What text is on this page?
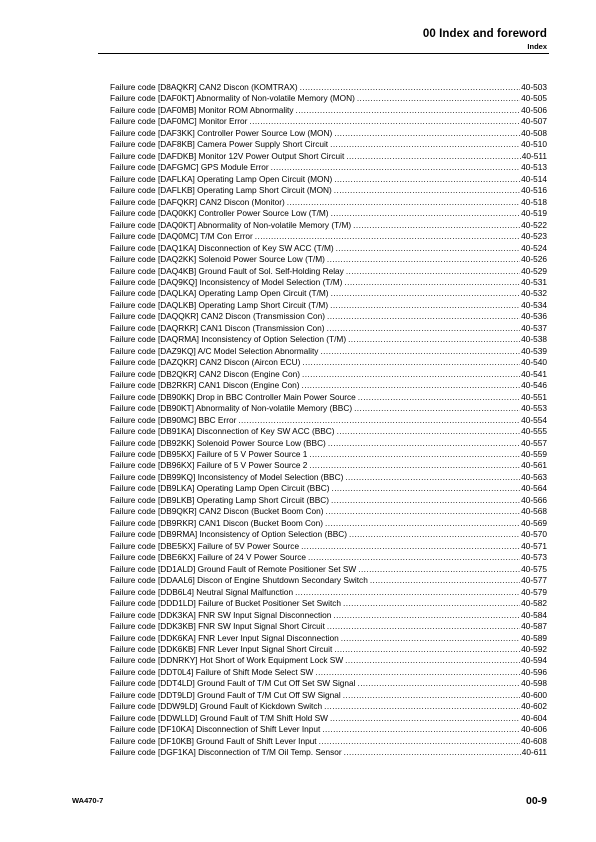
00 Index and foreword
Index
Failure code [D8AQKR] CAN2 Discon (KOMTRAX) .....	40-503
Failure code [DAF0KT] Abnormality of Non-volatile Memory (MON) .....	40-505
Failure code [DAF0MB] Monitor ROM Abnormality .....	40-506
Failure code [DAF0MC] Monitor Error .....	40-507
Failure code [DAF3KK] Controller Power Source Low (MON) .....	40-508
Failure code [DAF8KB] Camera Power Supply Short Circuit .....	40-510
Failure code [DAFDKB] Monitor 12V Power Output Short Circuit .....	40-511
Failure code [DAFGMC] GPS Module Error .....	40-513
Failure code [DAFLKA] Operating Lamp Open Circuit (MON) .....	40-514
Failure code [DAFLKB] Operating Lamp Short Circuit (MON) .....	40-516
Failure code [DAFQKR] CAN2 Discon (Monitor) .....	40-518
Failure code [DAQ0KK] Controller Power Source Low (T/M) .....	40-519
Failure code [DAQ0KT] Abnormality of Non-volatile Memory (T/M) .....	40-522
Failure code [DAQ0MC] T/M Con Error .....	40-523
Failure code [DAQ1KA] Disconnection of Key SW ACC (T/M) .....	40-524
Failure code [DAQ2KK] Solenoid Power Source Low (T/M) .....	40-526
Failure code [DAQ4KB] Ground Fault of Sol. Self-Holding Relay .....	40-529
Failure code [DAQ9KQ] Inconsistency of Model Selection (T/M) .....	40-531
Failure code [DAQLKA] Operating Lamp Open Circuit (T/M) .....	40-532
Failure code [DAQLKB] Operating Lamp Short Circuit (T/M) .....	40-534
Failure code [DAQQKR] CAN2 Discon (Transmission Con) .....	40-536
Failure code [DAQRKR] CAN1 Discon (Transmission Con) .....	40-537
Failure code [DAQRMA] Inconsistency of Option Selection (T/M) .....	40-538
Failure code [DAZ9KQ] A/C Model Selection Abnormality .....	40-539
Failure code [DAZQKR] CAN2 Discon (Aircon ECU) .....	40-540
Failure code [DB2QKR] CAN2 Discon (Engine Con) .....	40-541
Failure code [DB2RKR] CAN1 Discon (Engine Con) .....	40-546
Failure code [DB90KK] Drop in BBC Controller Main Power Source .....	40-551
Failure code [DB90KT] Abnormality of Non-volatile Memory (BBC) .....	40-553
Failure code [DB90MC] BBC Error .....	40-554
Failure code [DB91KA] Disconnection of Key SW ACC (BBC) .....	40-555
Failure code [DB92KK] Solenoid Power Source Low (BBC) .....	40-557
Failure code [DB95KX] Failure of 5 V Power Source 1 .....	40-559
Failure code [DB96KX] Failure of 5 V Power Source 2 .....	40-561
Failure code [DB99KQ] Inconsistency of Model Selection (BBC) .....	40-563
Failure code [DB9LKA] Operating Lamp Open Circuit (BBC) .....	40-564
Failure code [DB9LKB] Operating Lamp Short Circuit (BBC) .....	40-566
Failure code [DB9QKR] CAN2 Discon (Bucket Boom Con) .....	40-568
Failure code [DB9RKR] CAN1 Discon (Bucket Boom Con) .....	40-569
Failure code [DB9RMA] Inconsistency of Option Selection (BBC) .....	40-570
Failure code [DBE5KX] Failure of 5V Power Source .....	40-571
Failure code [DBE6KX] Failure of 24 V Power Source .....	40-573
Failure code [DD1ALD] Ground Fault of Remote Positioner Set SW .....	40-575
Failure code [DDAAL6] Discon of Engine Shutdown Secondary Switch .....	40-577
Failure code [DDB6L4] Neutral Signal Malfunction .....	40-579
Failure code [DDD1LD] Failure of Bucket Positioner Set Switch .....	40-582
Failure code [DDK3KA] FNR SW Input Signal Disconnection .....	40-584
Failure code [DDK3KB] FNR SW Input Signal Short Circuit .....	40-587
Failure code [DDK6KA] FNR Lever Input Signal Disconnection .....	40-589
Failure code [DDK6KB] FNR Lever Input Signal Short Circuit .....	40-592
Failure code [DDNRKY] Hot Short of Work Equipment Lock SW .....	40-594
Failure code [DDT0L4] Failure of Shift Mode Select SW .....	40-596
Failure code [DDT4LD] Ground Fault of T/M Cut Off Set SW Signal .....	40-598
Failure code [DDT9LD] Ground Fault of T/M Cut Off SW Signal .....	40-600
Failure code [DDW9LD] Ground Fault of Kickdown Switch .....	40-602
Failure code [DDWLLD] Ground Fault of T/M Shift Hold SW .....	40-604
Failure code [DF10KA] Disconnection of Shift Lever Input .....	40-606
Failure code [DF10KB] Ground Fault of Shift Lever Input .....	40-608
Failure code [DGF1KA] Disconnection of T/M Oil Temp. Sensor .....	40-611
WA470-7	00-9
